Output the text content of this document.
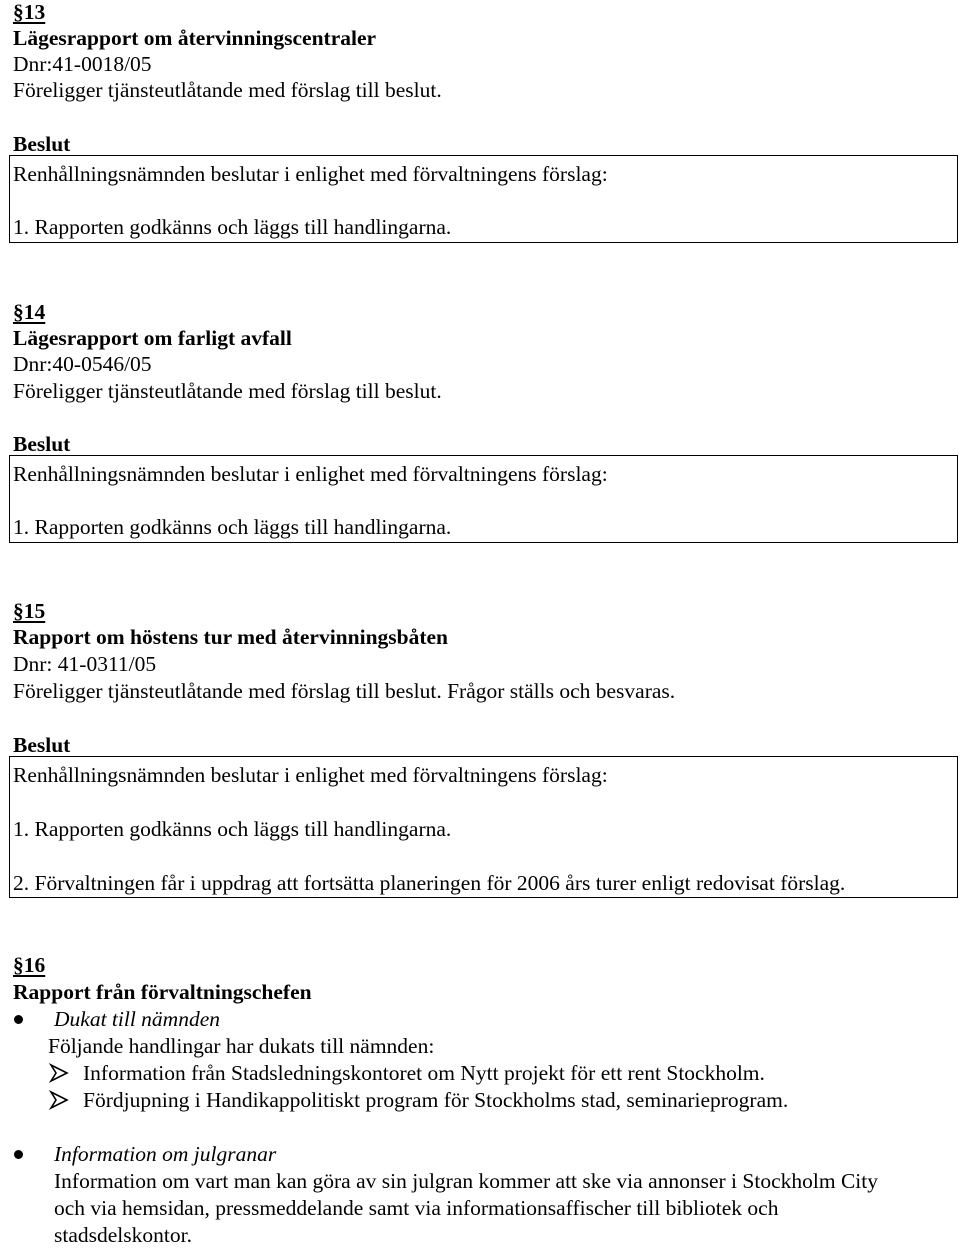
§13
Lägesrapport om återvinningscentraler
Dnr:41-0018/05
Föreligger tjänsteutlåtande med förslag till beslut.
Beslut
Renhållningsnämnden beslutar i enlighet med förvaltningens förslag:
1. Rapporten godkänns och läggs till handlingarna.
§14
Lägesrapport om farligt avfall
Dnr:40-0546/05
Föreligger tjänsteutlåtande med förslag till beslut.
Beslut
Renhållningsnämnden beslutar i enlighet med förvaltningens förslag:
1. Rapporten godkänns och läggs till handlingarna.
§15
Rapport om höstens tur med återvinningsbåten
Dnr: 41-0311/05
Föreligger tjänsteutlåtande med förslag till beslut. Frågor ställs och besvaras.
Beslut
Renhållningsnämnden beslutar i enlighet med förvaltningens förslag:
1. Rapporten godkänns och läggs till handlingarna.
2. Förvaltningen får i uppdrag att fortsätta planeringen för 2006 års turer enligt redovisat förslag.
§16
Rapport från förvaltningschefen
Dukat till nämnden
Följande handlingar har dukats till nämnden:
Information från Stadsledningskontoret om Nytt projekt för ett rent Stockholm.
Fördjupning i Handikappolitiskt program för Stockholms stad, seminarieprogram.
Information om julgranar
Information om vart man kan göra av sin julgran kommer att ske via annonser i Stockholm City
och via hemsidan, pressmeddelande samt via informationsaffischer till bibliotek och
stadsdelskontor.
